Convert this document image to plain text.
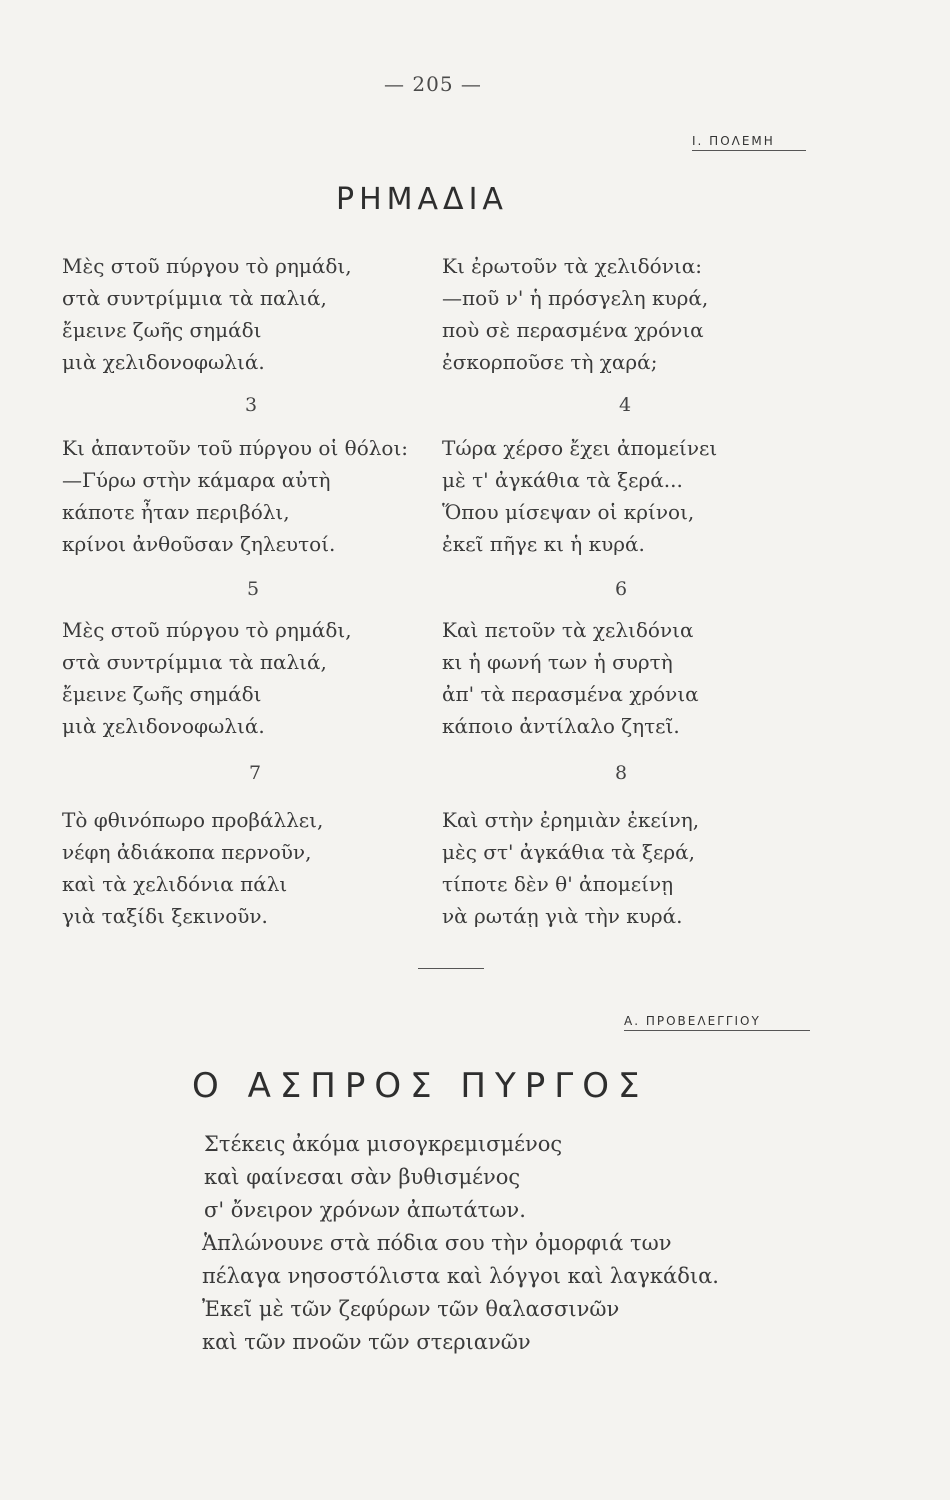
— 205 —
Ι. ΠΟΛΕΜΗ
ΡΗΜΑΔΙΑ
Μὲς στοῦ πύργου τὸ ρημάδι,
στὰ συντρίμμια τὰ παλιά,
ἔμεινε ζωῆς σημάδι
μιὰ χελιδονοφωλιά.
Κι ἐρωτοῦν τὰ χελιδόνια:
—ποῦ ν' ἡ πρόσγελη κυρά,
ποὺ σὲ περασμένα χρόνια
ἐσκορποῦσε τὴ χαρά;
3	4
Κι ἀπαντοῦν τοῦ πύργου οἱ θόλοι:
—Γύρω στὴν κάμαρα αὐτὴ
κάποτε ἦταν περιβόλι,
κρίνοι ἀνθοῦσαν ζηλευτοί.
Τώρα χέρσο ἔχει ἀπομείνει
μὲ τ' ἀγκάθια τὰ ξερά...
Ὅπου μίσεψαν οἱ κρίνοι,
ἐκεῖ πῆγε κι ἡ κυρά.
5	6
Μὲς στοῦ πύργου τὸ ρημάδι,
στὰ συντρίμμια τὰ παλιά,
ἔμεινε ζωῆς σημάδι
μιὰ χελιδονοφωλιά.
Καὶ πετοῦν τὰ χελιδόνια
κι ἡ φωνή των ἡ συρτὴ
ἀπ' τὰ περασμένα χρόνια
κάποιο ἀντίλαλο ζητεῖ.
7	8
Τὸ φθινόπωρο προβάλλει,
νέφη ἀδιάκοπα περνοῦν,
καὶ τὰ χελιδόνια πάλι
γιὰ ταξίδι ξεκινοῦν.
Καὶ στὴν ἐρημιὰν ἐκείνη,
μὲς στ' ἀγκάθια τὰ ξερά,
τίποτε δὲν θ' ἀπομείνῃ
νὰ ρωτάῃ γιὰ τὴν κυρά.
Α. ΠΡΟΒΕΛΕΓΓΙΟΥ
Ο ΑΣΠΡΟΣ ΠΥΡΓΟΣ
Στέκεις ἀκόμα μισογκρεμισμένος
καὶ φαίνεσαι σὰν βυθισμένος
σ' ὄνειρον χρόνων ἀπωτάτων.
Ἁπλώνουνε στὰ πόδια σου τὴν ὀμορφιά των
πέλαγα νησοστόλιστα καὶ λόγγοι καὶ λαγκάδια.
Ἐκεῖ μὲ τῶν ζεφύρων τῶν θαλασσινῶν
καὶ τῶν πνοῶν τῶν στεριανῶν
